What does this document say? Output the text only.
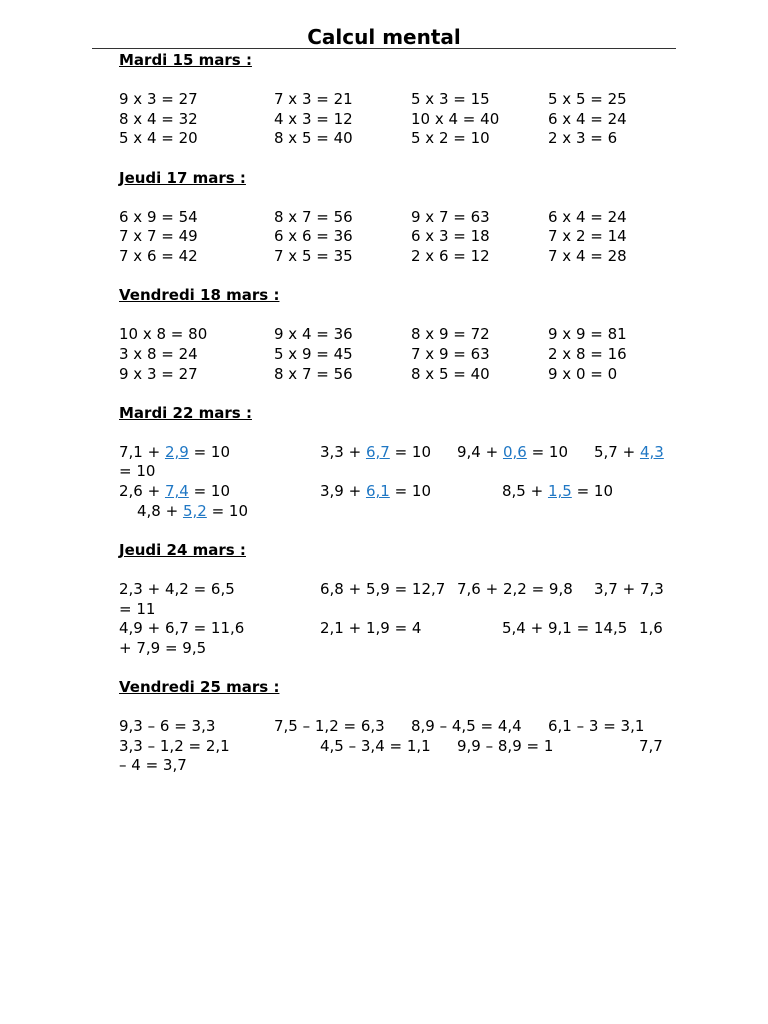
Calcul mental
Mardi 15 mars :
9 x 3 = 27	7 x 3 = 21	5 x 3 = 15	5 x 5 = 25
8 x 4 = 32	4 x 3 = 12	10 x 4 = 40	6 x 4 = 24
5 x 4 = 20	8 x 5 = 40	5 x 2 = 10	2 x 3 = 6
Jeudi 17 mars :
6 x 9 = 54	8 x 7 = 56	9 x 7 = 63	6 x 4 = 24
7 x 7 = 49	6 x 6 = 36	6 x 3 = 18	7 x 2 = 14
7 x 6 = 42	7 x 5 = 35	2 x 6 = 12	7 x 4 = 28
Vendredi 18 mars :
10 x 8 = 80	9 x 4 = 36	8 x 9 = 72	9 x 9 = 81
3 x 8 = 24	5 x 9 = 45	7 x 9 = 63	2 x 8 = 16
9 x 3 = 27	8 x 7 = 56	8 x 5 = 40	9 x 0 = 0
Mardi 22 mars :
7,1 + 2,9 = 10	3,3 + 6,7 = 10 9,4 + 0,6 = 10 5,7 + 4,3
= 10
2,6 + 7,4 = 10	3,9 + 6,1 = 10	8,5 + 1,5 = 10
4,8 + 5,2 = 10
Jeudi 24 mars :
2,3 + 4,2 = 6,5	6,8 + 5,9 = 12,7 7,6 + 2,2 = 9,8 3,7 + 7,3
= 11
4,9 + 6,7 = 11,6	2,1 + 1,9 = 4	5,4 + 9,1 = 14,5 1,6
+ 7,9 = 9,5
Vendredi 25 mars :
9,3 – 6 = 3,3	7,5 – 1,2 = 6,3 8,9 – 4,5 = 4,4 6,1 – 3 = 3,1
3,3 – 1,2 = 2,1	4,5 – 3,4 = 1,1 9,9 – 8,9 = 1	7,7
– 4 = 3,7
